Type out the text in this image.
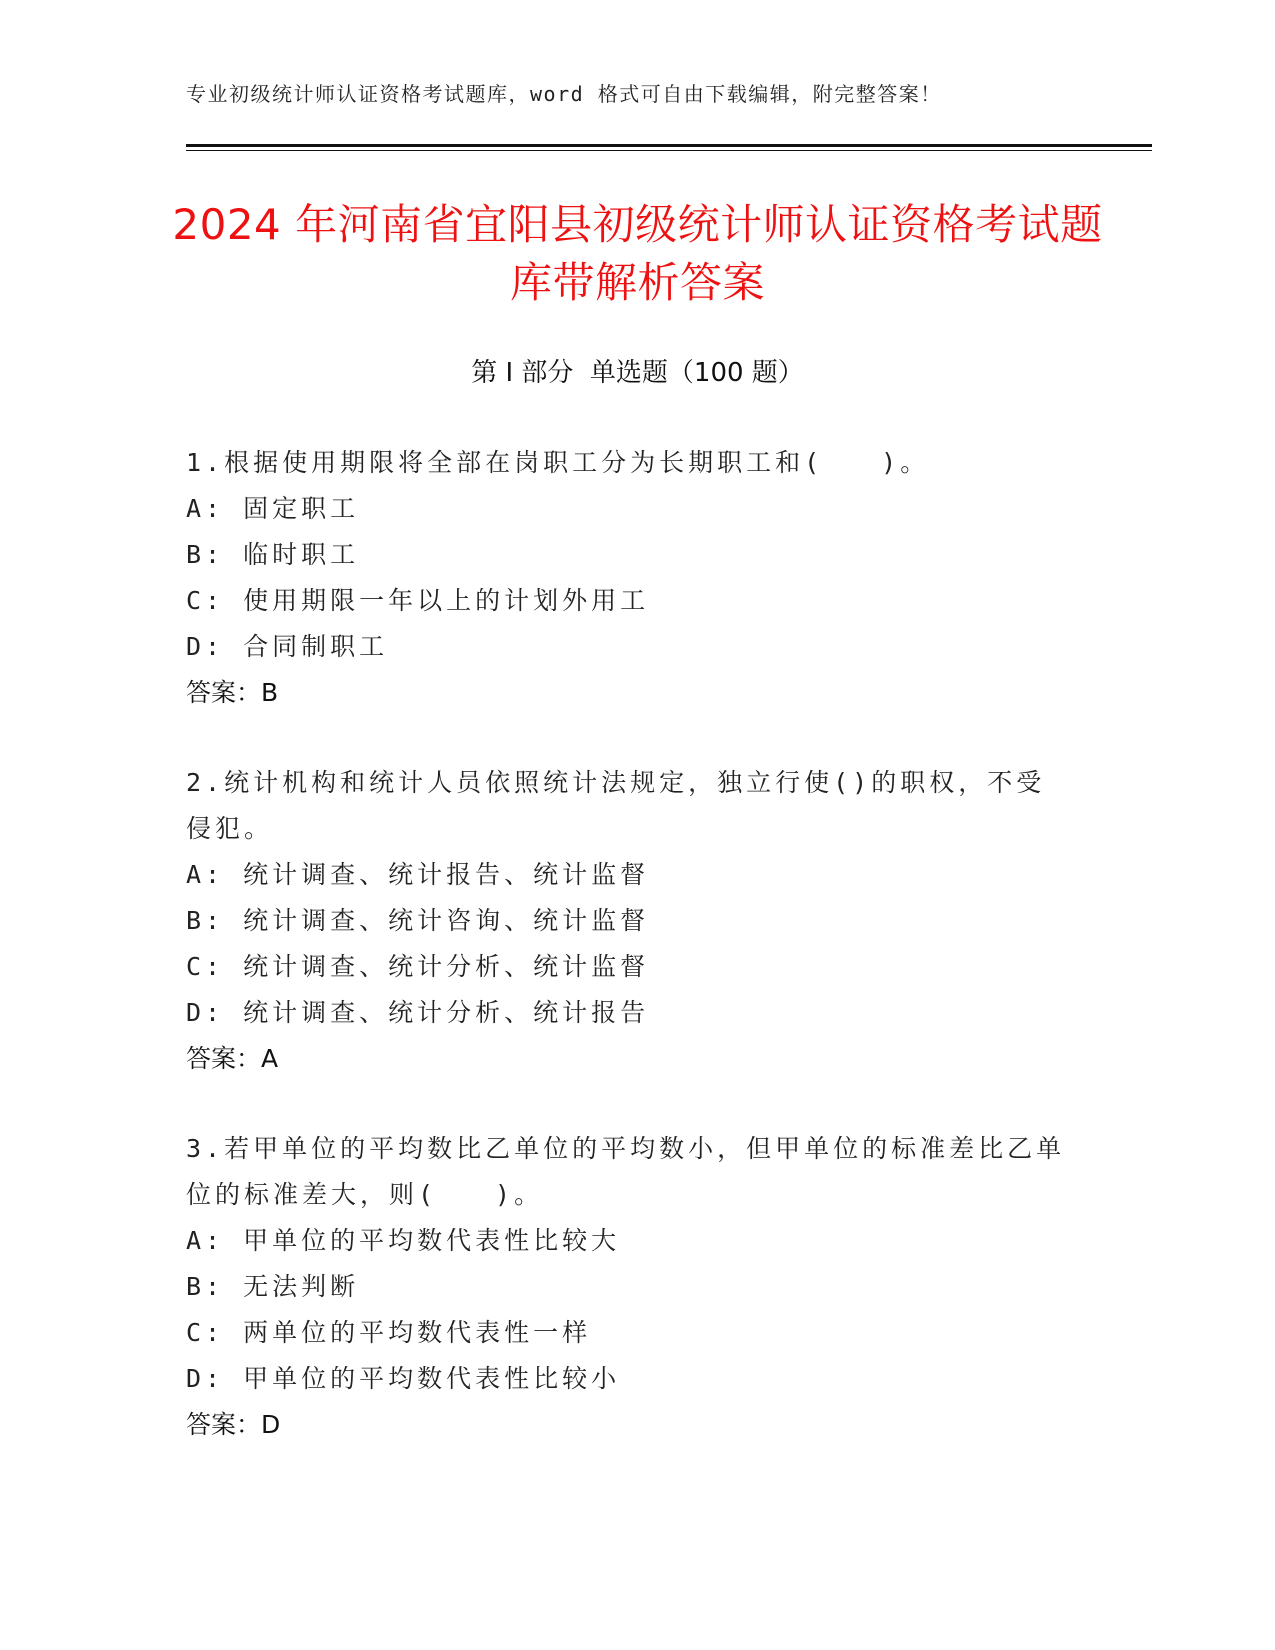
专业初级统计师认证资格考试题库，word 格式可自由下载编辑，附完整答案！
2024 年河南省宜阳县初级统计师认证资格考试题库带解析答案
第 I 部分  单选题（100 题）
1.根据使用期限将全部在岗职工分为长期职工和(　　)。
A: 固定职工
B: 临时职工
C: 使用期限一年以上的计划外用工
D: 合同制职工
答案：B
2.统计机构和统计人员依照统计法规定，独立行使()的职权，不受侵犯。
A: 统计调查、统计报告、统计监督
B: 统计调查、统计咨询、统计监督
C: 统计调查、统计分析、统计监督
D: 统计调查、统计分析、统计报告
答案：A
3.若甲单位的平均数比乙单位的平均数小，但甲单位的标准差比乙单位的标准差大，则(　　)。
A: 甲单位的平均数代表性比较大
B: 无法判断
C: 两单位的平均数代表性一样
D: 甲单位的平均数代表性比较小
答案：D
